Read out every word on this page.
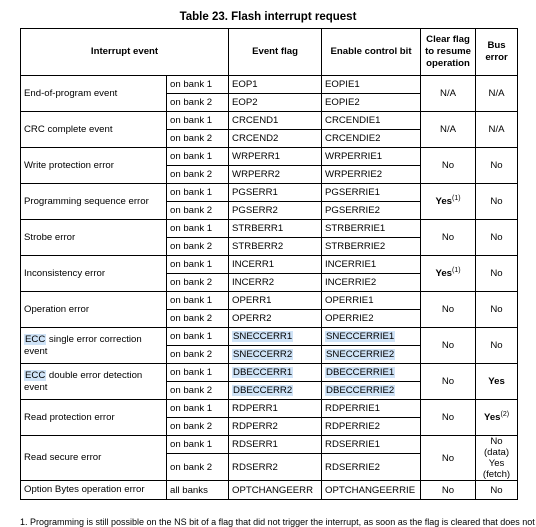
Table 23. Flash interrupt request
Interrupt event		Event flag	Enable control bit	Clear flag to resume operation	Bus error
End-of-program event	on bank 1	EOP1	EOPIE1	N/A	N/A
	on bank 2	EOP2	EOPIE2		
CRC complete event	on bank 1	CRCEND1	CRCENDIE1	N/A	N/A
	on bank 2	CRCEND2	CRCENDIE2		
Write protection error	on bank 1	WRPERR1	WRPERRIE1	No	No
	on bank 2	WRPERR2	WRPERRIE2		
Programming sequence error	on bank 1	PGSERR1	PGSERRIE1	Yes$^{(1)}$	No
	on bank 2	PGSERR2	PGSERRIE2		
Strobe error	on bank 1	STRBERR1	STRBERRIE1	No	No
	on bank 2	STRBERR2	STRBERRIE2		
Inconsistency error	on bank 1	INCERR1	INCERRIE1	Yes$^{(1)}$	No
	on bank 2	INCERR2	INCERRIE2		
Operation error	on bank 1	OPERR1	OPERRIE1	No	No
	on bank 2	OPERR2	OPERRIE2		
ECC single error correction event	on bank 1	SNECCERR1	SNECCERRIE1	No	No
	on bank 2	SNECCERR2	SNECCERRIE2		
ECC double error detection event	on bank 1	DBECCERR1	DBECCERRIE1	No	Yes
	on bank 2	DBECCERR2	DBECCERRIE2		
Read protection error	on bank 1	RDPERR1	RDPERRIE1	No	Yes$^{(2)}$
	on bank 2	RDPERR2	RDPERRIE2		
Read secure error	on bank 1	RDSERR1	RDSERRIE1	No	No (data) Yes (fetch)
	on bank 2	RDSERR2	RDSERRIE2		
Option Bytes operation error	all banks	OPTCHANGEERR	OPTCHANGEERRIE	No	No
1. Programming is still possible on the NS bit of a flag that did not trigger the interrupt, as soon as the flag is cleared that does not
